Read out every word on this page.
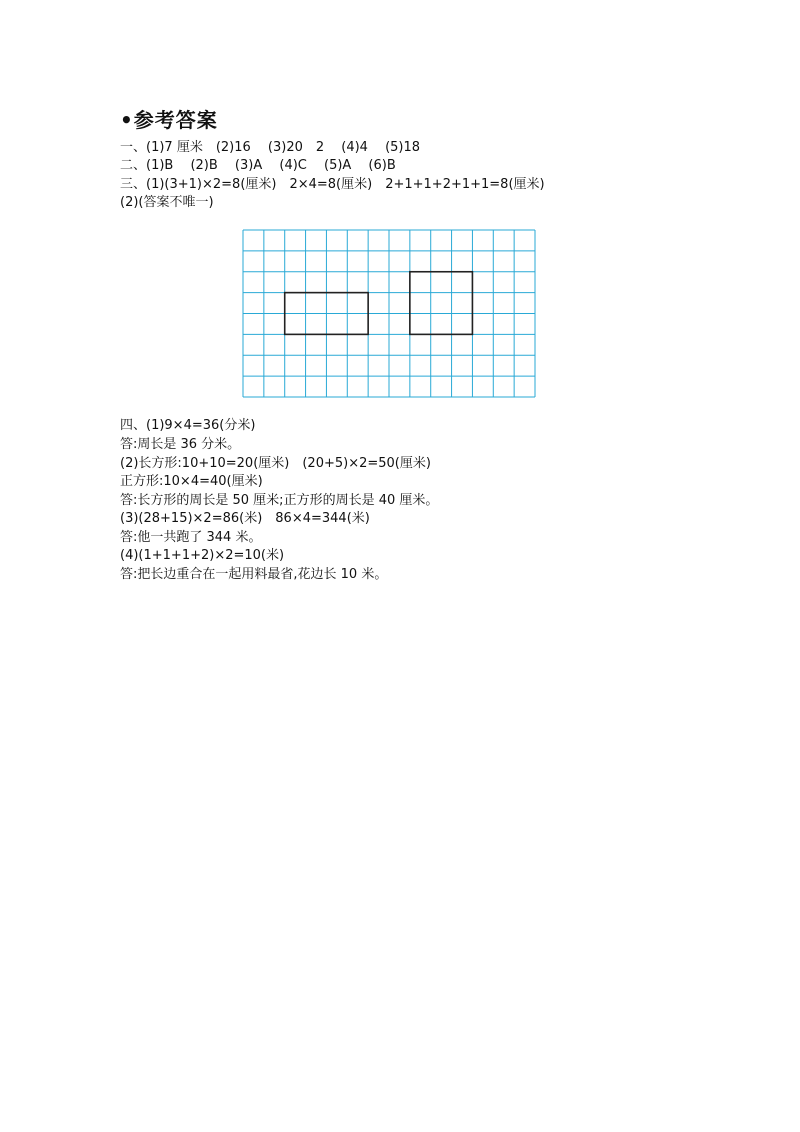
•参考答案
一、(1)7 厘米　(2)16　 (3)20　2　 (4)4　 (5)18
二、(1)B　 (2)B　 (3)A　 (4)C　 (5)A　 (6)B
三、(1)(3+1)×2=8(厘米)　2×4=8(厘米)　2+1+1+2+1+1=8(厘米)
(2)(答案不唯一)
四、(1)9×4=36(分米)
答:周长是 36 分米。
(2)长方形:10+10=20(厘米)　(20+5)×2=50(厘米)
正方形:10×4=40(厘米)
答:长方形的周长是 50 厘米;正方形的周长是 40 厘米。
(3)(28+15)×2=86(米)　86×4=344(米)
答:他一共跑了 344 米。
(4)(1+1+1+2)×2=10(米)
答:把长边重合在一起用料最省,花边长 10 米。
